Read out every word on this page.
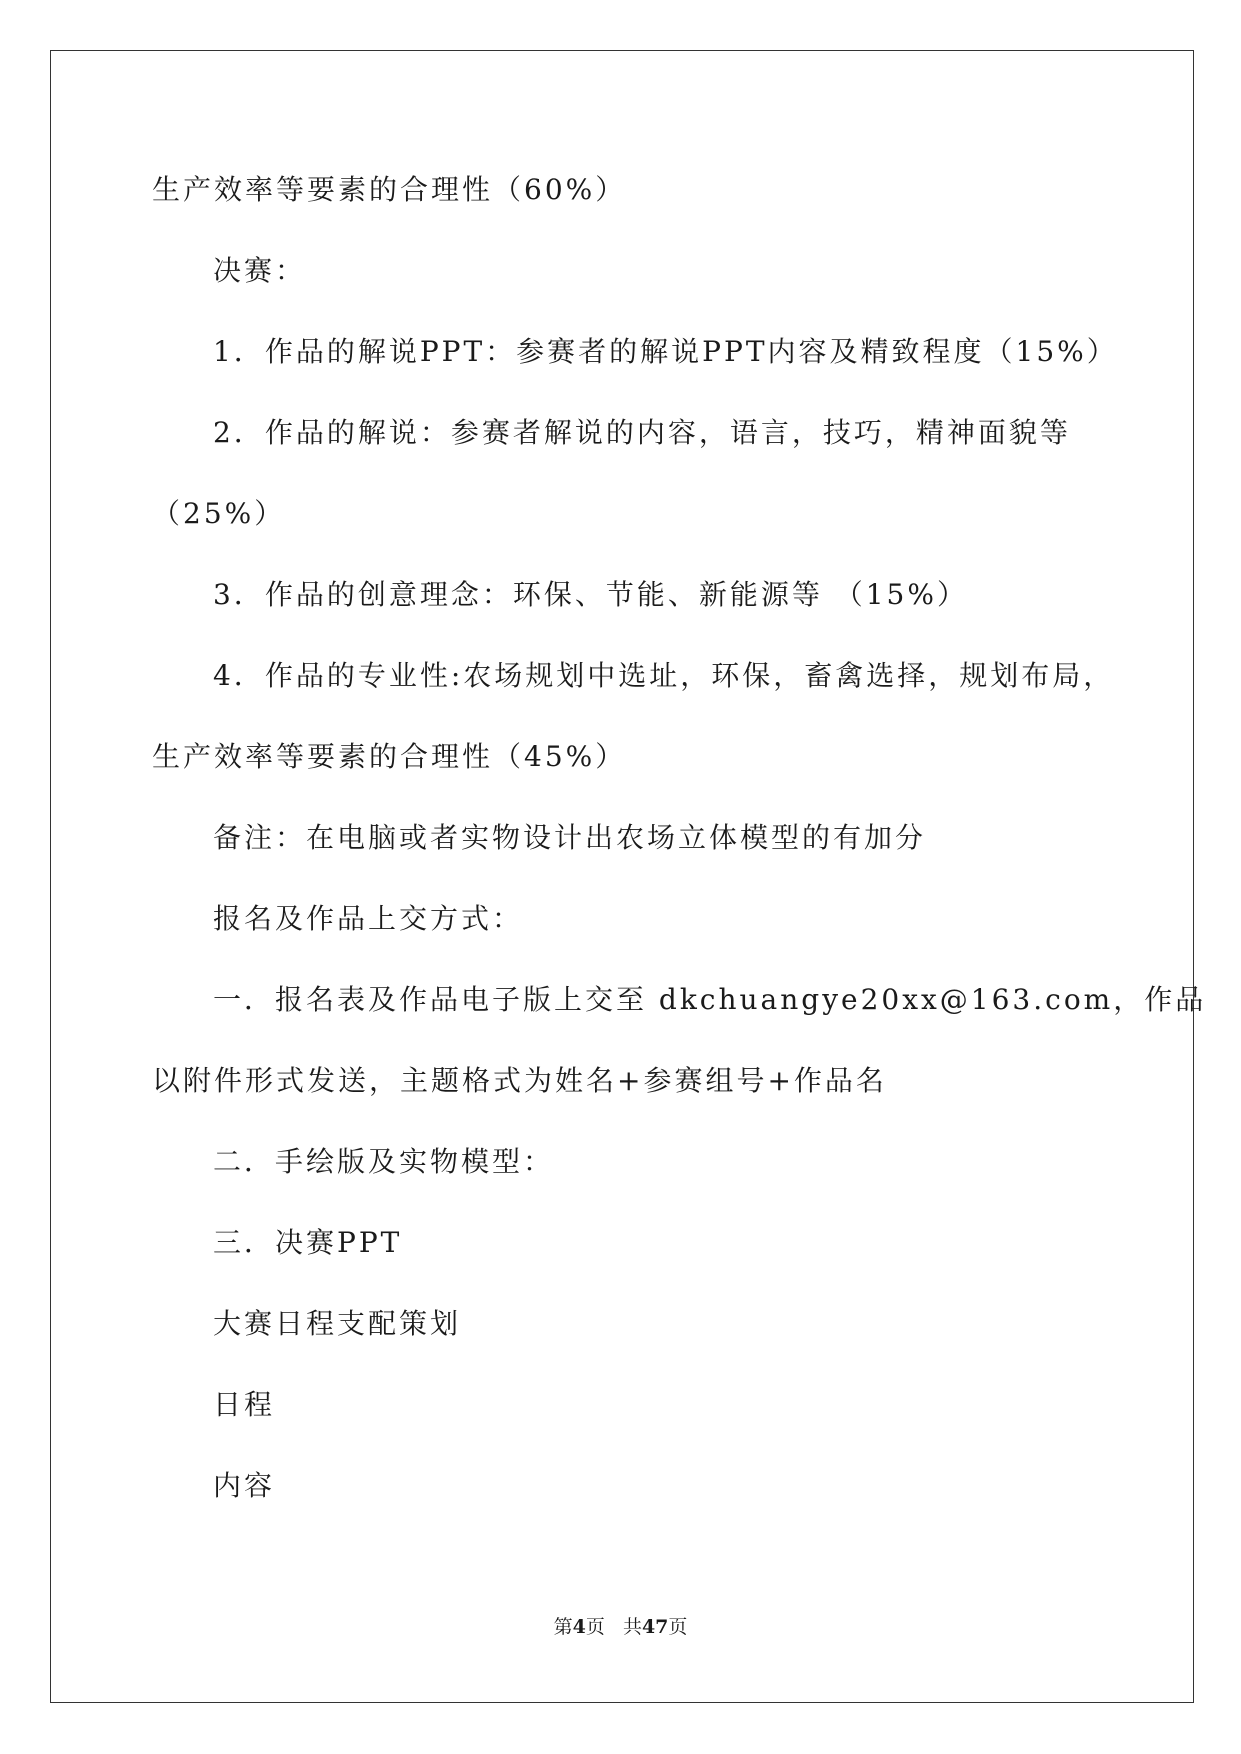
生产效率等要素的合理性（60%）
决赛：
1．作品的解说PPT：参赛者的解说PPT内容及精致程度（15%）
2．作品的解说：参赛者解说的内容，语言，技巧，精神面貌等
（25%）
3．作品的创意理念：环保、节能、新能源等 （15%）
4．作品的专业性:农场规划中选址，环保，畜禽选择，规划布局，
生产效率等要素的合理性（45%）
备注：在电脑或者实物设计出农场立体模型的有加分
报名及作品上交方式：
一．报名表及作品电子版上交至 dkchuangye20xx@163.com，作品
以附件形式发送，主题格式为姓名+参赛组号+作品名
二．手绘版及实物模型：
三．决赛PPT
大赛日程支配策划
日程
内容
第4页   共47页
